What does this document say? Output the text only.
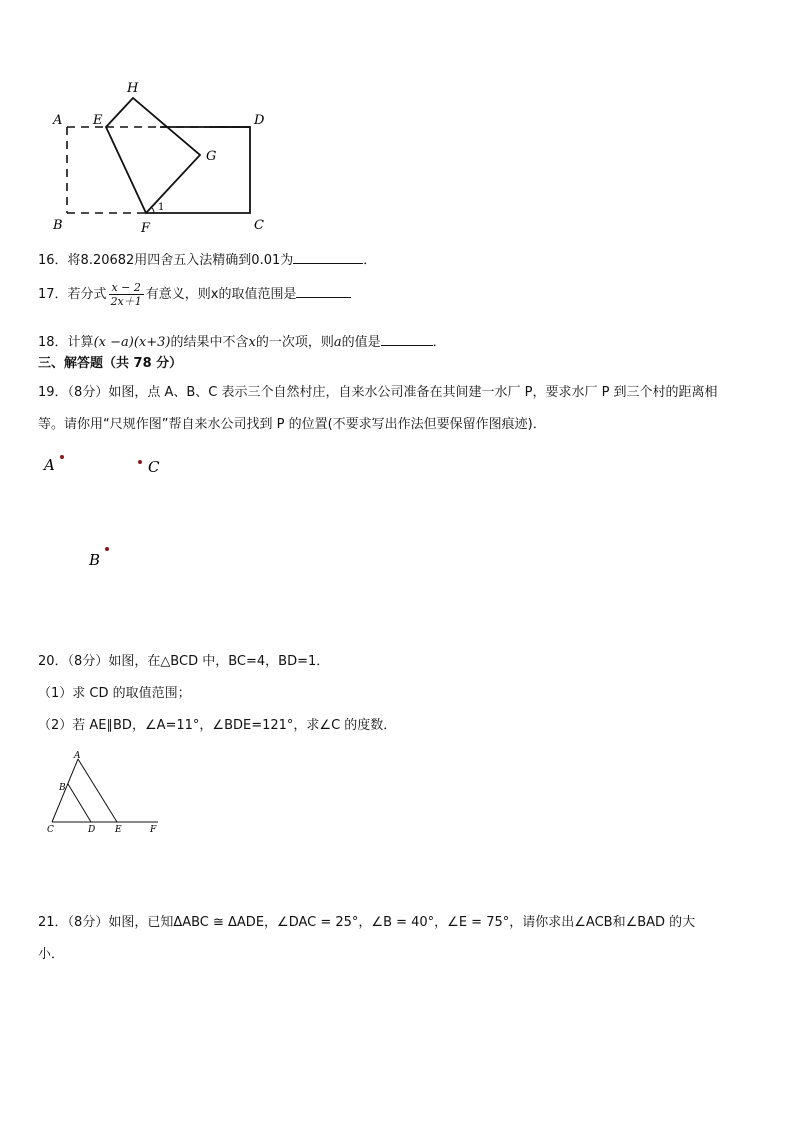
A E
H
D
G
B	F	C
1
16．将8.20682用四舍五入法精确到0.01为	．
17．若分式 $\frac{x - 2}{2x+1}$ 有意义，则x的取值范围是
18．计算(x −a)(x+3)的结果中不含x的一次项，则a的值是	．
三、解答题（共 78 分）
19．（8分）如图，点 A、B、C 表示三个自然村庄，自来水公司准备在其间建一水厂 P，要求水厂 P 到三个村的距离相
等。请你用“尺规作图”帮自来水公司找到 P 的位置(不要求写出作法但要保留作图痕迹)．
A	C
B
20．（8分）如图，在△BCD 中，BC=4，BD=1．
（1）求 CD 的取值范围；
（2）若 AE∥BD，∠A=11°，∠BDE=121°，求∠C 的度数．
A
B
C	D E	F
21．（8分）如图，已知ΔABC ≅ ΔADE，∠DAC = 25°，∠B = 40°，∠E = 75°，请你求出∠ACB和∠BAD 的大
小．
